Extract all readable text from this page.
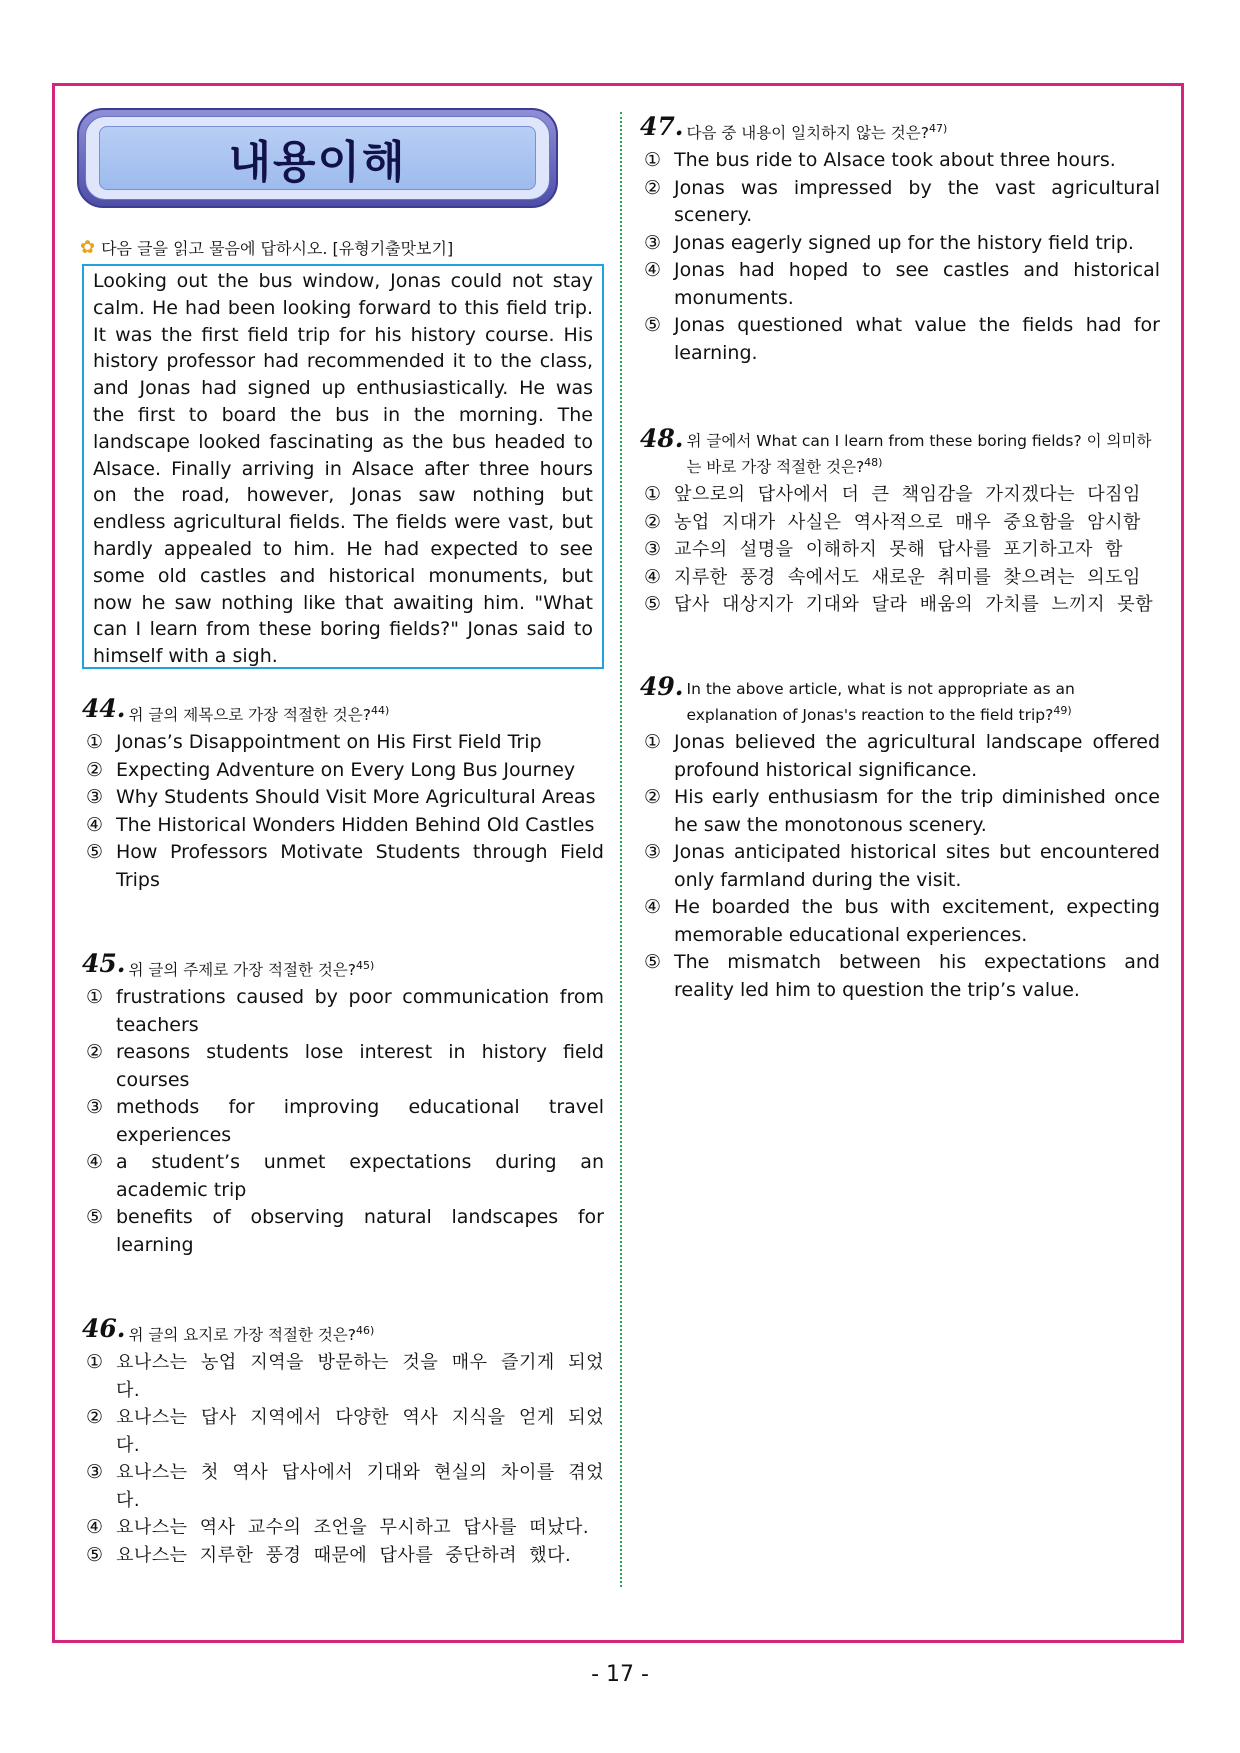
내용이해
✿ 다음 글을 읽고 물음에 답하시오. [유형기출맛보기]
Looking out the bus window, Jonas could not stay calm. He had been looking forward to this field trip. It was the first field trip for his history course. His history professor had recommended it to the class, and Jonas had signed up enthusiastically. He was the first to board the bus in the morning. The landscape looked fascinating as the bus headed to Alsace. Finally arriving in Alsace after three hours on the road, however, Jonas saw nothing but endless agricultural fields. The fields were vast, but hardly appealed to him. He had expected to see some old castles and historical monuments, but now he saw nothing like that awaiting him. "What can I learn from these boring fields?" Jonas said to himself with a sigh.
44. 위 글의 제목으로 가장 적절한 것은?$^{44)}$
① Jonas’s Disappointment on His First Field Trip
② Expecting Adventure on Every Long Bus Journey
③ Why Students Should Visit More Agricultural Areas
④ The Historical Wonders Hidden Behind Old Castles
⑤ How Professors Motivate Students through Field Trips
45. 위 글의 주제로 가장 적절한 것은?$^{45)}$
① frustrations caused by poor communication from teachers
② reasons students lose interest in history field courses
③ methods for improving educational travel experiences
④ a student’s unmet expectations during an academic trip
⑤ benefits of observing natural landscapes for learning
46. 위 글의 요지로 가장 적절한 것은?$^{46)}$
① 요나스는 농업 지역을 방문하는 것을 매우 즐기게 되었다.
② 요나스는 답사 지역에서 다양한 역사 지식을 얻게 되었다.
③ 요나스는 첫 역사 답사에서 기대와 현실의 차이를 겪었다.
④ 요나스는 역사 교수의 조언을 무시하고 답사를 떠났다.
⑤ 요나스는 지루한 풍경 때문에 답사를 중단하려 했다.
47. 다음 중 내용이 일치하지 않는 것은?$^{47)}$
① The bus ride to Alsace took about three hours.
② Jonas was impressed by the vast agricultural scenery.
③ Jonas eagerly signed up for the history field trip.
④ Jonas had hoped to see castles and historical monuments.
⑤ Jonas questioned what value the fields had for learning.
48. 위 글에서 What can I learn from these boring fields? 이 의미하는 바로 가장 적절한 것은?$^{48)}$
① 앞으로의 답사에서 더 큰 책임감을 가지겠다는 다짐임
② 농업 지대가 사실은 역사적으로 매우 중요함을 암시함
③ 교수의 설명을 이해하지 못해 답사를 포기하고자 함
④ 지루한 풍경 속에서도 새로운 취미를 찾으려는 의도임
⑤ 답사 대상지가 기대와 달라 배움의 가치를 느끼지 못함
49. In the above article, what is not appropriate as an explanation of Jonas's reaction to the field trip?$^{49)}$
① Jonas believed the agricultural landscape offered profound historical significance.
② His early enthusiasm for the trip diminished once he saw the monotonous scenery.
③ Jonas anticipated historical sites but encountered only farmland during the visit.
④ He boarded the bus with excitement, expecting memorable educational experiences.
⑤ The mismatch between his expectations and reality led him to question the trip’s value.
- 17 -
